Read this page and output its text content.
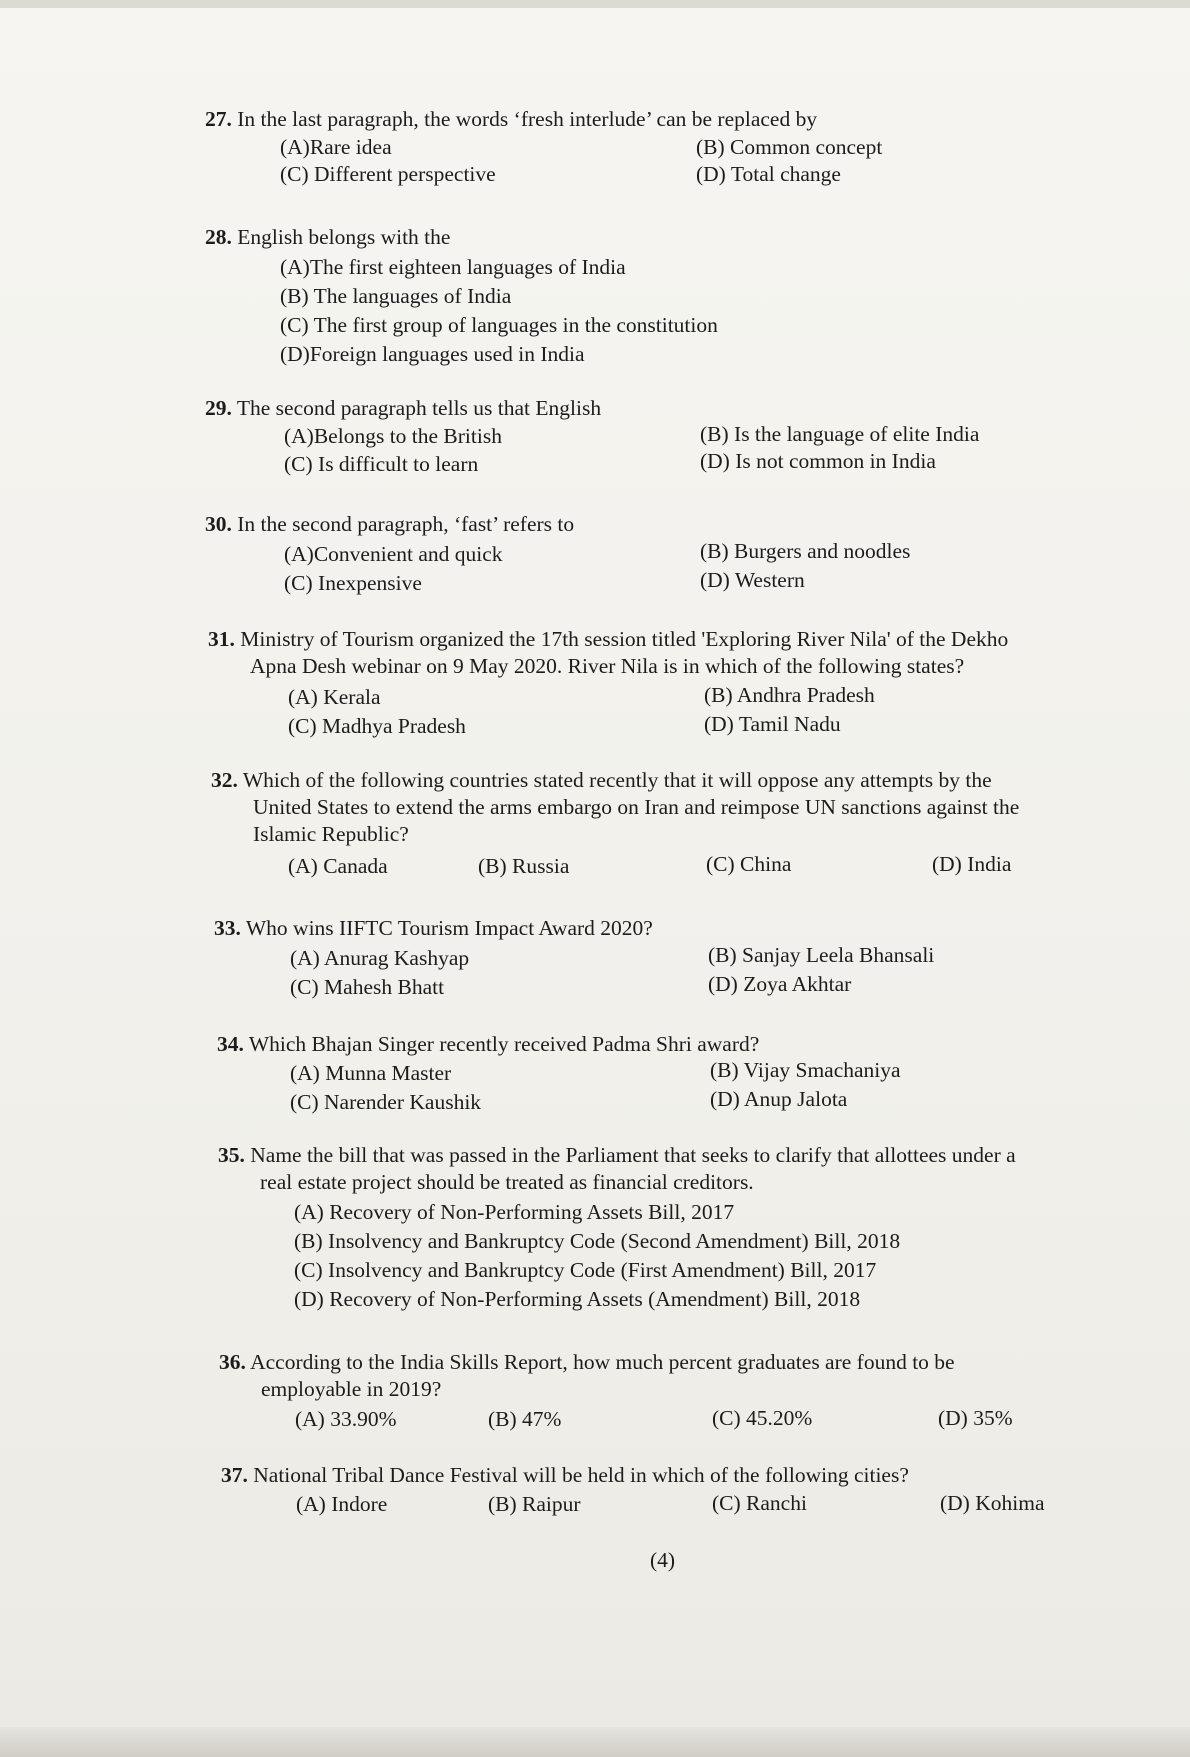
27. In the last paragraph, the words ‘fresh interlude’ can be replaced by
(A)Rare idea	(B) Common concept
(C) Different perspective	(D) Total change
28. English belongs with the
(A)The first eighteen languages of India
(B) The languages of India
(C) The first group of languages in the constitution
(D)Foreign languages used in India
29. The second paragraph tells us that English
(A)Belongs to the British	(B) Is the language of elite India
(C) Is difficult to learn	(D) Is not common in India
30. In the second paragraph, ‘fast’ refers to
(A)Convenient and quick	(B) Burgers and noodles
(C) Inexpensive	(D) Western
31. Ministry of Tourism organized the 17th session titled 'Exploring River Nila' of the Dekho
Apna Desh webinar on 9 May 2020. River Nila is in which of the following states?
(A) Kerala	(B) Andhra Pradesh
(C) Madhya Pradesh	(D) Tamil Nadu
32. Which of the following countries stated recently that it will oppose any attempts by the
United States to extend the arms embargo on Iran and reimpose UN sanctions against the
Islamic Republic?
(A) Canada	(B) Russia	(C) China	(D) India
33. Who wins IIFTC Tourism Impact Award 2020?
(A) Anurag Kashyap	(B) Sanjay Leela Bhansali
(C) Mahesh Bhatt	(D) Zoya Akhtar
34. Which Bhajan Singer recently received Padma Shri award?
(A) Munna Master	(B) Vijay Smachaniya
(C) Narender Kaushik	(D) Anup Jalota
35. Name the bill that was passed in the Parliament that seeks to clarify that allottees under a
real estate project should be treated as financial creditors.
(A) Recovery of Non-Performing Assets Bill, 2017
(B) Insolvency and Bankruptcy Code (Second Amendment) Bill, 2018
(C) Insolvency and Bankruptcy Code (First Amendment) Bill, 2017
(D) Recovery of Non-Performing Assets (Amendment) Bill, 2018
36. According to the India Skills Report, how much percent graduates are found to be
employable in 2019?
(A) 33.90%	(B) 47%	(C) 45.20%	(D) 35%
37. National Tribal Dance Festival will be held in which of the following cities?
(A) Indore	(B) Raipur	(C) Ranchi	(D) Kohima
(4)
